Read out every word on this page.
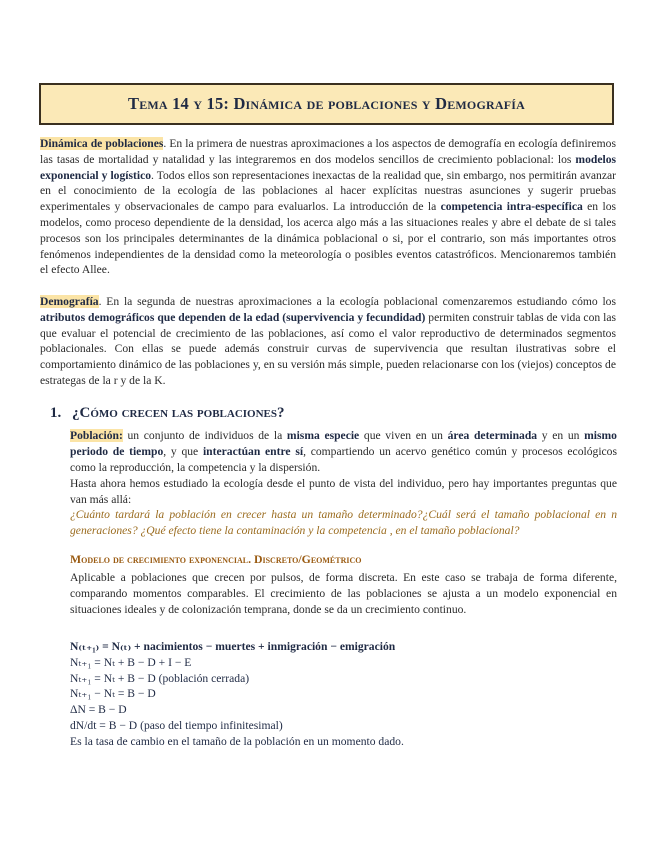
Tema 14 y 15: Dinámica de poblaciones y Demografía

Dinámica de poblaciones. En la primera de nuestras aproximaciones a los aspectos de demografía en ecología definiremos las tasas de mortalidad y natalidad y las integraremos en dos modelos sencillos de crecimiento poblacional: los modelos exponencial y logístico. Todos ellos son representaciones inexactas de la realidad que, sin embargo, nos permitirán avanzar en el conocimiento de la ecología de las poblaciones al hacer explícitas nuestras asunciones y sugerir pruebas experimentales y observacionales de campo para evaluarlos. La introducción de la competencia intra-específica en los modelos, como proceso dependiente de la densidad, los acerca algo más a las situaciones reales y abre el debate de si tales procesos son los principales determinantes de la dinámica poblacional o si, por el contrario, son más importantes otros fenómenos independientes de la densidad como la meteorología o posibles eventos catastróficos. Mencionaremos también el efecto Allee.

Demografía. En la segunda de nuestras aproximaciones a la ecología poblacional comenzaremos estudiando cómo los atributos demográficos que dependen de la edad (supervivencia y fecundidad) permiten construir tablas de vida con las que evaluar el potencial de crecimiento de las poblaciones, así como el valor reproductivo de determinados segmentos poblacionales. Con ellas se puede además construir curvas de supervivencia que resultan ilustrativas sobre el comportamiento dinámico de las poblaciones y, en su versión más simple, pueden relacionarse con los (viejos) conceptos de estrategas de la r y de la K.

1. ¿Cómo crecen las poblaciones?

Población: un conjunto de individuos de la misma especie que viven en un área determinada y en un mismo periodo de tiempo, y que interactúan entre sí, compartiendo un acervo genético común y procesos ecológicos como la reproducción, la competencia y la dispersión.

Hasta ahora hemos estudiado la ecología desde el punto de vista del individuo, pero hay importantes preguntas que van más allá:

¿Cuánto tardará la población en crecer hasta un tamaño determinado?¿Cuál será el tamaño poblacional en n generaciones? ¿Qué efecto tiene la contaminación y la competencia , en el tamaño poblacional?

Modelo de crecimiento exponencial. Discreto/Geométrico

Aplicable a poblaciones que crecen por pulsos, de forma discreta. En este caso se trabaja de forma diferente, comparando momentos comparables. El crecimiento de las poblaciones se ajusta a un modelo exponencial en situaciones ideales y de colonización temprana, donde se da un crecimiento continuo.

N₍ₜ₊₁₎ = N₍ₜ₎ + nacimientos − muertes + inmigración − emigración
Nₜ₊₁ = Nₜ + B − D + I − E
Nₜ₊₁ = Nₜ + B − D (población cerrada)
Nₜ₊₁ − Nₜ = B − D
ΔN = B − D
dN/dt = B − D (paso del tiempo infinitesimal)
Es la tasa de cambio en el tamaño de la población en un momento dado.
